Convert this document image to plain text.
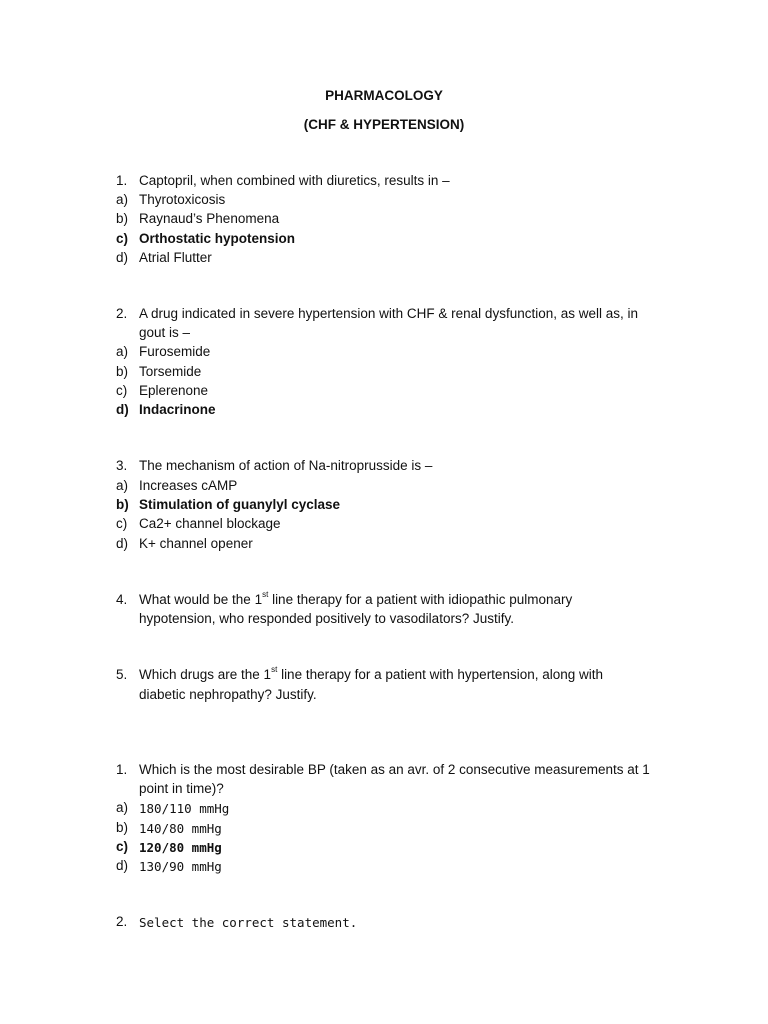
PHARMACOLOGY
(CHF & HYPERTENSION)
1. Captopril, when combined with diuretics, results in –
a) Thyrotoxicosis
b) Raynaud’s Phenomena
c) Orthostatic hypotension
d) Atrial Flutter
2. A drug indicated in severe hypertension with CHF & renal dysfunction, as well as, in
gout is –
a) Furosemide
b) Torsemide
c) Eplerenone
d) Indacrinone
3. The mechanism of action of Na-nitroprusside is –
a) Increases cAMP
b) Stimulation of guanylyl cyclase
c) Ca2+ channel blockage
d) K+ channel opener
4. What would be the 1st line therapy for a patient with idiopathic pulmonary
hypotension, who responded positively to vasodilators? Justify.
5. Which drugs are the 1st line therapy for a patient with hypertension, along with
diabetic nephropathy? Justify.
1. Which is the most desirable BP (taken as an avr. of 2 consecutive measurements at 1
point in time)?
a) 180/110 mmHg
b) 140/80 mmHg
c) 120/80 mmHg
d) 130/90 mmHg
2. Select the correct statement.
